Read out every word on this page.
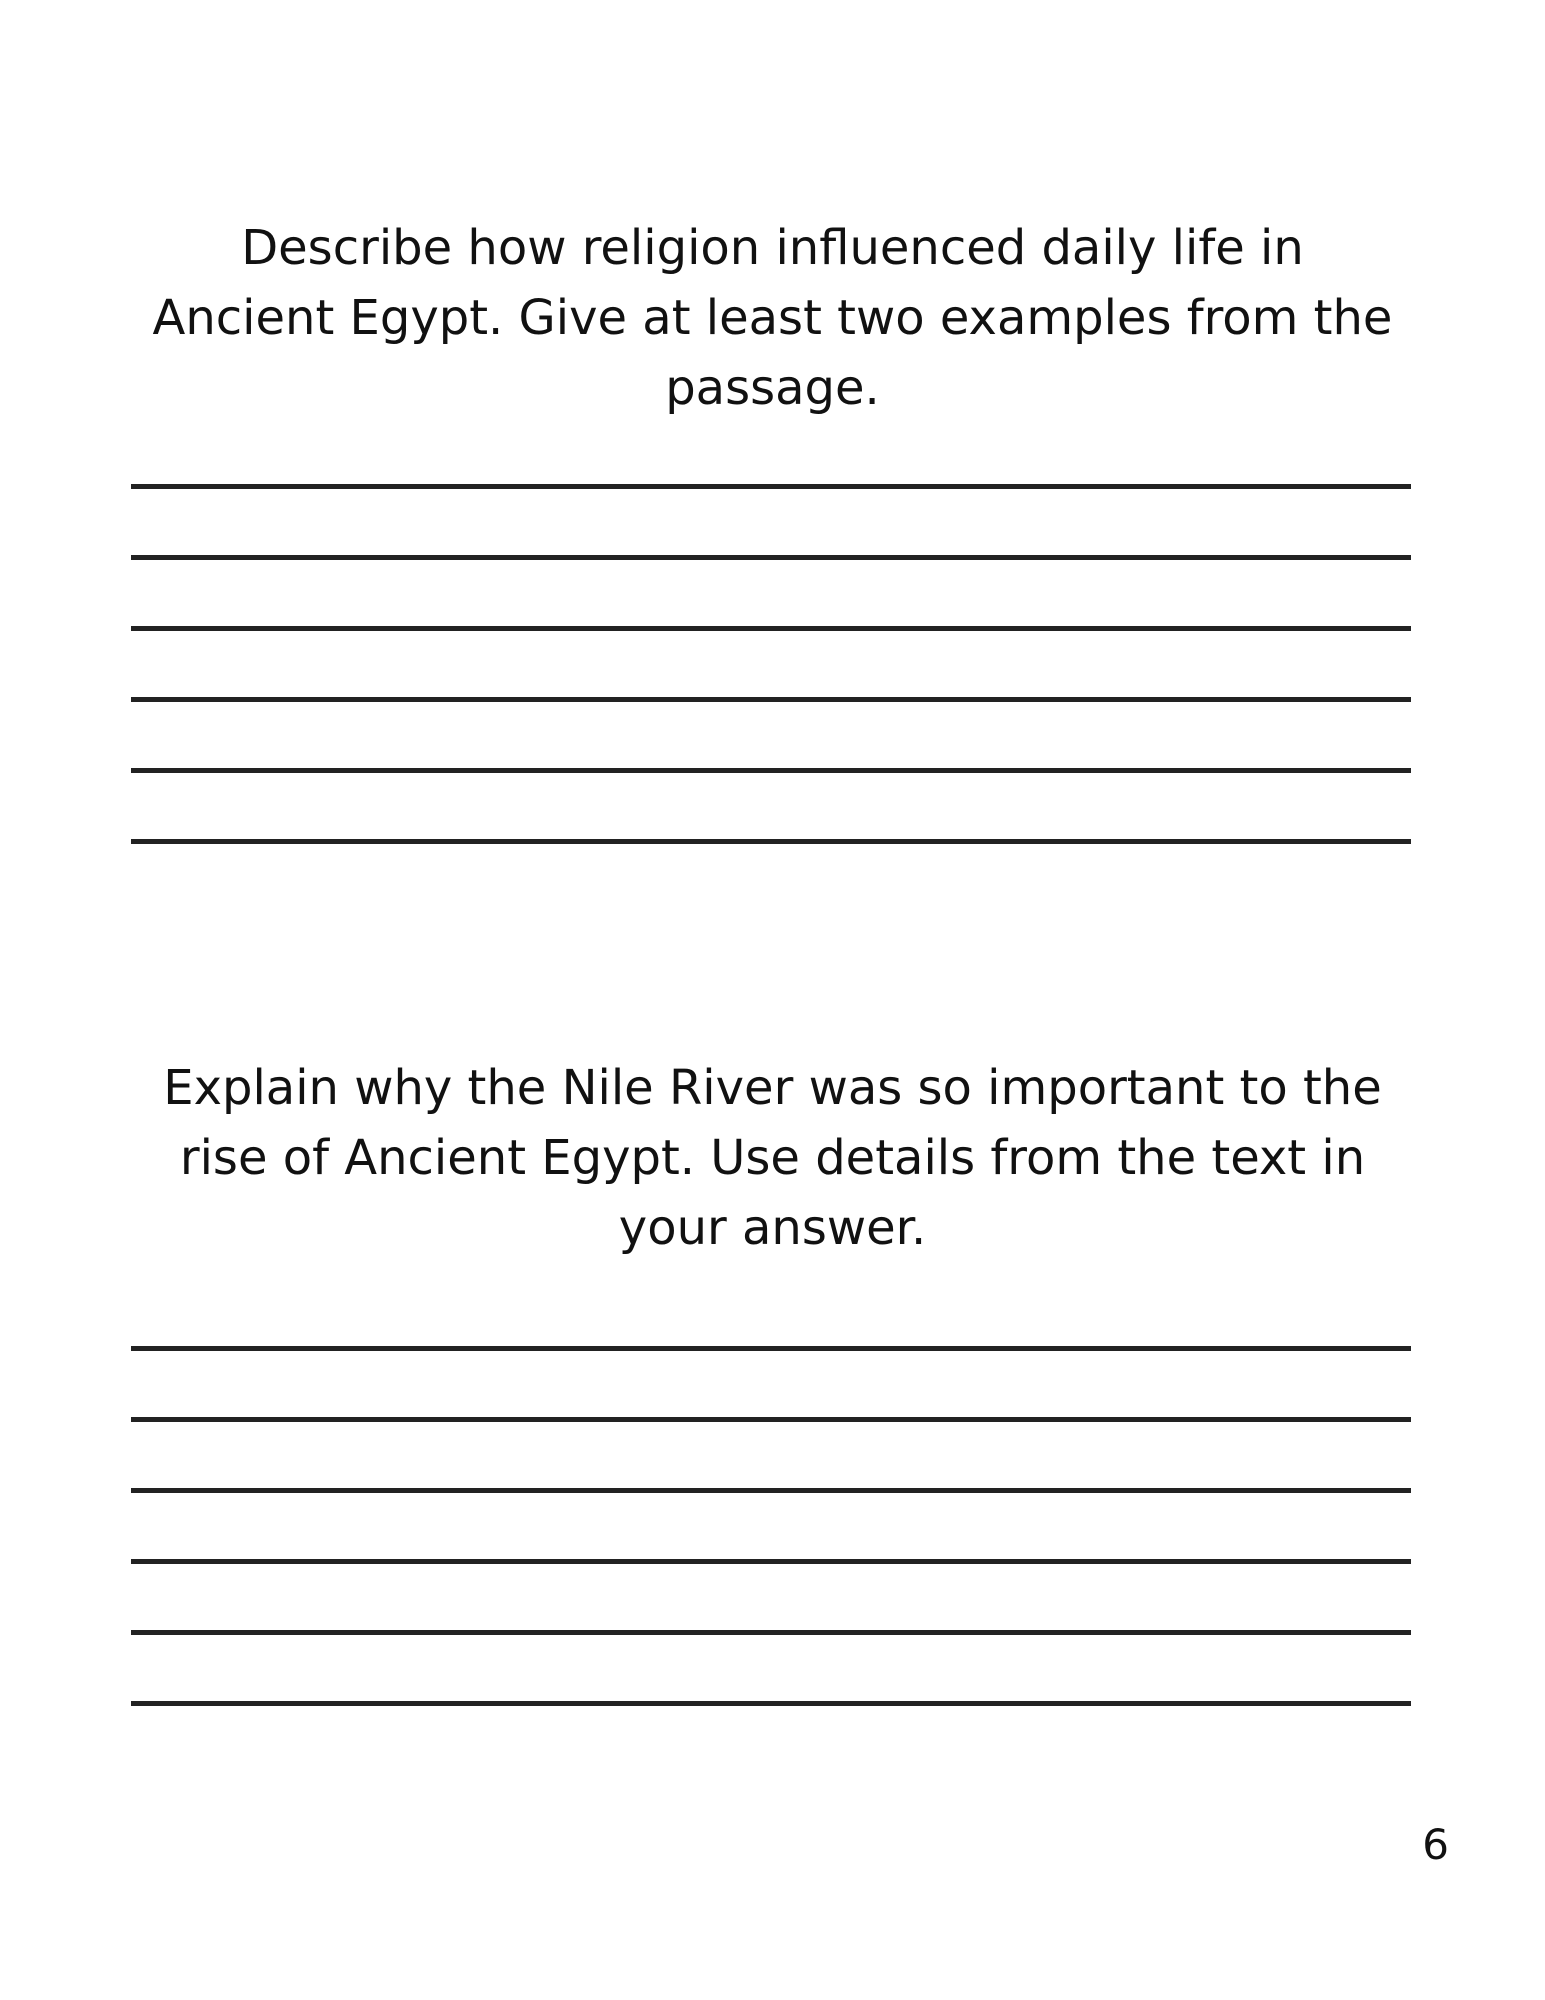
Describe how religion influenced daily life in
Ancient Egypt. Give at least two examples from the
passage.

Explain why the Nile River was so important to the
rise of Ancient Egypt. Use details from the text in
your answer.

6
